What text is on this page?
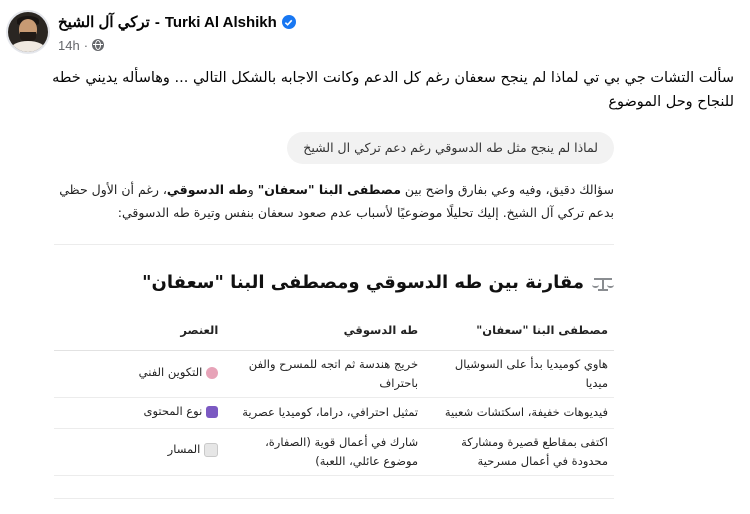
تركي آل الشيخ - Turki Al Alshikh
14h ·
سألت التشات جي بي تي لماذا لم ينجح سعفان رغم كل الدعم وكانت الاجابه بالشكل التالي ... وهاسأله يديني خطه للنجاح وحل الموضوع
لماذا لم ينجح مثل طه الدسوقي رغم دعم تركي ال الشيخ
سؤالك دقيق، وفيه وعي بفارق واضح بين مصطفى البنا "سعفان" وطه الدسوقي، رغم أن الأول حظي بدعم تركي آل الشيخ. إليك تحليلًا موضوعيًا لأسباب عدم صعود سعفان بنفس وتيرة طه الدسوقي:
مقارنة بين طه الدسوقي ومصطفى البنا "سعفان"
مصطفى البنا "سعفان"	طه الدسوقي	العنصر
هاوي كوميديا بدأ على السوشيال ميديا	خريج هندسة ثم اتجه للمسرح والفن باحتراف	التكوين الفني

فيديوهات خفيفة، اسكتشات شعبية	تمثيل احترافي، دراما، كوميديا عصرية	نوع المحتوى

اكتفى بمقاطع قصيرة ومشاركة محدودة في أعمال مسرحية	شارك في أعمال قوية (الصفارة، موضوع عائلي، اللعبة)	المسار
